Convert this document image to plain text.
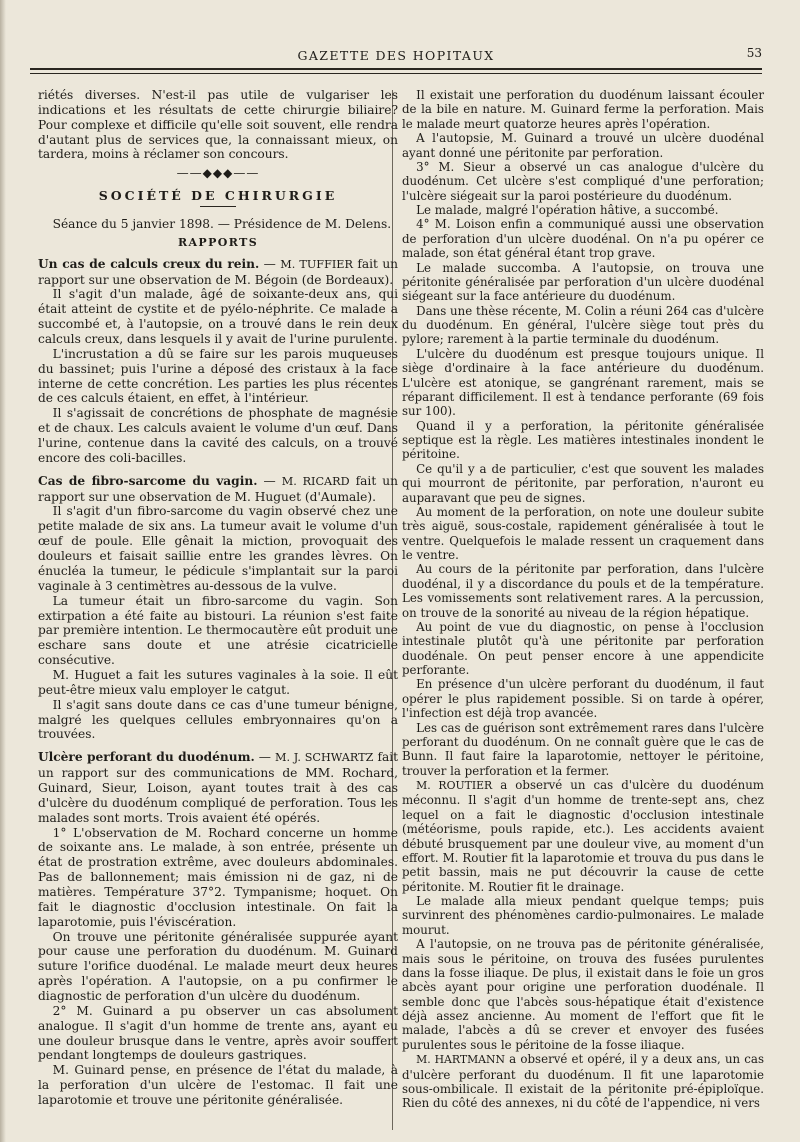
GAZETTE DES HOPITAUX	53

riétés diverses. N'est-il pas utile de vulgariser les indications et les résultats de cette chirurgie biliaire? Pour complexe et difficile qu'elle soit souvent, elle rendra d'autant plus de services que, la connaissant mieux, on tardera, moins à réclamer son concours.

——◆◆◆——
SOCIÉTÉ DE CHIRURGIE

Séance du 5 janvier 1898. — Présidence de M. Delens.

RAPPORTS

Un cas de calculs creux du rein. — M. TUFFIER fait un rapport sur une observation de M. Bégoin (de Bordeaux).

Il s'agit d'un malade, âgé de soixante-deux ans, qui était atteint de cystite et de pyélo-néphrite. Ce malade a succombé et, à l'autopsie, on a trouvé dans le rein deux calculs creux, dans lesquels il y avait de l'urine purulente.

L'incrustation a dû se faire sur les parois muqueuses du bassinet; puis l'urine a déposé des cristaux à la face interne de cette concrétion. Les parties les plus récentes de ces calculs étaient, en effet, à l'intérieur.

Il s'agissait de concrétions de phosphate de magnésie et de chaux. Les calculs avaient le volume d'un œuf. Dans l'urine, contenue dans la cavité des calculs, on a trouvé encore des coli-bacilles.

Cas de fibro-sarcome du vagin. — M. RICARD fait un rapport sur une observation de M. Huguet (d'Aumale).

Il s'agit d'un fibro-sarcome du vagin observé chez une petite malade de six ans. La tumeur avait le volume d'un œuf de poule. Elle gênait la miction, provoquait des douleurs et faisait saillie entre les grandes lèvres. On énucléa la tumeur, le pédicule s'implantait sur la paroi vaginale à 3 centimètres au-dessous de la vulve.

La tumeur était un fibro-sarcome du vagin. Son extirpation a été faite au bistouri. La réunion s'est faite par première intention. Le thermocautère eût produit une eschare sans doute et une atrésie cicatricielle consécutive.

M. Huguet a fait les sutures vaginales à la soie. Il eût peut-être mieux valu employer le catgut.

Il s'agit sans doute dans ce cas d'une tumeur bénigne, malgré les quelques cellules embryonnaires qu'on a trouvées.

Ulcère perforant du duodénum. — M. J. SCHWARTZ fait un rapport sur des communications de MM. Rochard, Guinard, Sieur, Loison, ayant toutes trait à des cas d'ulcère du duodénum compliqué de perforation. Tous les malades sont morts. Trois avaient été opérés.

1° L'observation de M. Rochard concerne un homme de soixante ans. Le malade, à son entrée, présente un état de prostration extrême, avec douleurs abdominales. Pas de ballonnement; mais émission ni de gaz, ni de matières. Température 37°2. Tympanisme; hoquet. On fait le diagnostic d'occlusion intestinale. On fait la laparotomie, puis l'éviscération.

On trouve une péritonite généralisée suppurée ayant pour cause une perforation du duodénum. M. Guinard suture l'orifice duodénal. Le malade meurt deux heures après l'opération. A l'autopsie, on a pu confirmer le diagnostic de perforation d'un ulcère du duodénum.

2° M. Guinard a pu observer un cas absolument analogue. Il s'agit d'un homme de trente ans, ayant eu une douleur brusque dans le ventre, après avoir souffert pendant longtemps de douleurs gastriques.

M. Guinard pense, en présence de l'état du malade, à la perforation d'un ulcère de l'estomac. Il fait une laparotomie et trouve une péritonite généralisée.

Il existait une perforation du duodénum laissant écouler de la bile en nature. M. Guinard ferme la perforation. Mais le malade meurt quatorze heures après l'opération.

A l'autopsie, M. Guinard a trouvé un ulcère duodénal ayant donné une péritonite par perforation.

3° M. Sieur a observé un cas analogue d'ulcère du duodénum. Cet ulcère s'est compliqué d'une perforation; l'ulcère siégeait sur la paroi postérieure du duodénum.

Le malade, malgré l'opération hâtive, a succombé.

4° M. Loison enfin a communiqué aussi une observation de perforation d'un ulcère duodénal. On n'a pu opérer ce malade, son état général étant trop grave.

Le malade succomba. A l'autopsie, on trouva une péritonite généralisée par perforation d'un ulcère duodénal siégeant sur la face antérieure du duodénum.

Dans une thèse récente, M. Colin a réuni 264 cas d'ulcère du duodénum. En général, l'ulcère siège tout près du pylore; rarement à la partie terminale du duodénum.

L'ulcère du duodénum est presque toujours unique. Il siège d'ordinaire à la face antérieure du duodénum. L'ulcère est atonique, se gangrénant rarement, mais se réparant difficilement. Il est à tendance perforante (69 fois sur 100).

Quand il y a perforation, la péritonite généralisée septique est la règle. Les matières intestinales inondent le péritoine.

Ce qu'il y a de particulier, c'est que souvent les malades qui mourront de péritonite, par perforation, n'auront eu auparavant que peu de signes.

Au moment de la perforation, on note une douleur subite très aiguë, sous-costale, rapidement généralisée à tout le ventre. Quelquefois le malade ressent un craquement dans le ventre.

Au cours de la péritonite par perforation, dans l'ulcère duodénal, il y a discordance du pouls et de la température. Les vomissements sont relativement rares. A la percussion, on trouve de la sonorité au niveau de la région hépatique.

Au point de vue du diagnostic, on pense à l'occlusion intestinale plutôt qu'à une péritonite par perforation duodénale. On peut penser encore à une appendicite perforante.

En présence d'un ulcère perforant du duodénum, il faut opérer le plus rapidement possible. Si on tarde à opérer, l'infection est déjà trop avancée.

Les cas de guérison sont extrêmement rares dans l'ulcère perforant du duodénum. On ne connaît guère que le cas de Bunn. Il faut faire la laparotomie, nettoyer le péritoine, trouver la perforation et la fermer.

M. ROUTIER a observé un cas d'ulcère du duodénum méconnu. Il s'agit d'un homme de trente-sept ans, chez lequel on a fait le diagnostic d'occlusion intestinale (météorisme, pouls rapide, etc.). Les accidents avaient débuté brusquement par une douleur vive, au moment d'un effort. M. Routier fit la laparotomie et trouva du pus dans le petit bassin, mais ne put découvrir la cause de cette péritonite. M. Routier fit le drainage.

Le malade alla mieux pendant quelque temps; puis survinrent des phénomènes cardio-pulmonaires. Le malade mourut.

A l'autopsie, on ne trouva pas de péritonite généralisée, mais sous le péritoine, on trouva des fusées purulentes dans la fosse iliaque. De plus, il existait dans le foie un gros abcès ayant pour origine une perforation duodénale. Il semble donc que l'abcès sous-hépatique était d'existence déjà assez ancienne. Au moment de l'effort que fit le malade, l'abcès a dû se crever et envoyer des fusées purulentes sous le péritoine de la fosse iliaque.

M. HARTMANN a observé et opéré, il y a deux ans, un cas d'ulcère perforant du duodénum. Il fit une laparotomie sous-ombilicale. Il existait de la péritonite pré-épiploïque. Rien du côté des annexes, ni du côté de l'appendice, ni vers
